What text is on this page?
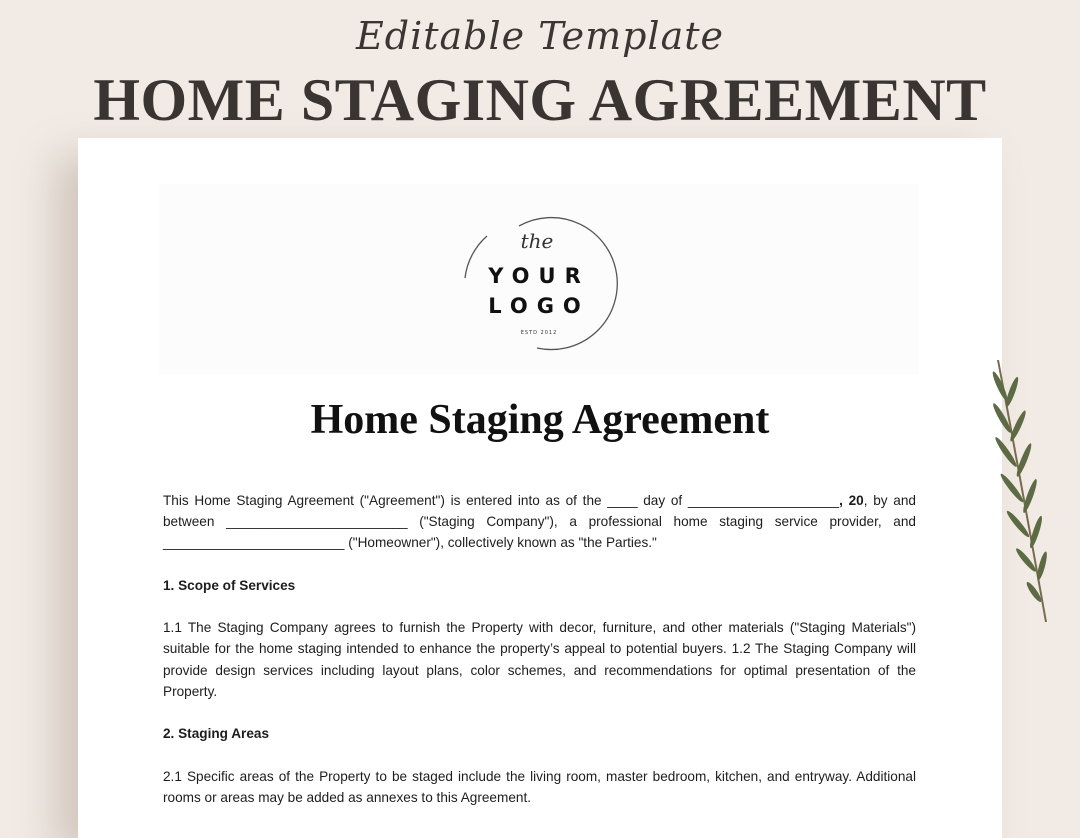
Editable Template
HOME STAGING AGREEMENT
the
YOUR
LOGO
ESTD 2012
Home Staging Agreement

This Home Staging Agreement ("Agreement") is entered into as of the ____ day of ____________________, 20, by and between ________________________ ("Staging Company"), a professional home staging service provider, and ________________________ ("Homeowner"), collectively known as "the Parties."

1. Scope of Services

1.1 The Staging Company agrees to furnish the Property with decor, furniture, and other materials ("Staging Materials") suitable for the home staging intended to enhance the property’s appeal to potential buyers. 1.2 The Staging Company will provide design services including layout plans, color schemes, and recommendations for optimal presentation of the Property.

2. Staging Areas

2.1 Specific areas of the Property to be staged include the living room, master bedroom, kitchen, and entryway. Additional rooms or areas may be added as annexes to this Agreement.
